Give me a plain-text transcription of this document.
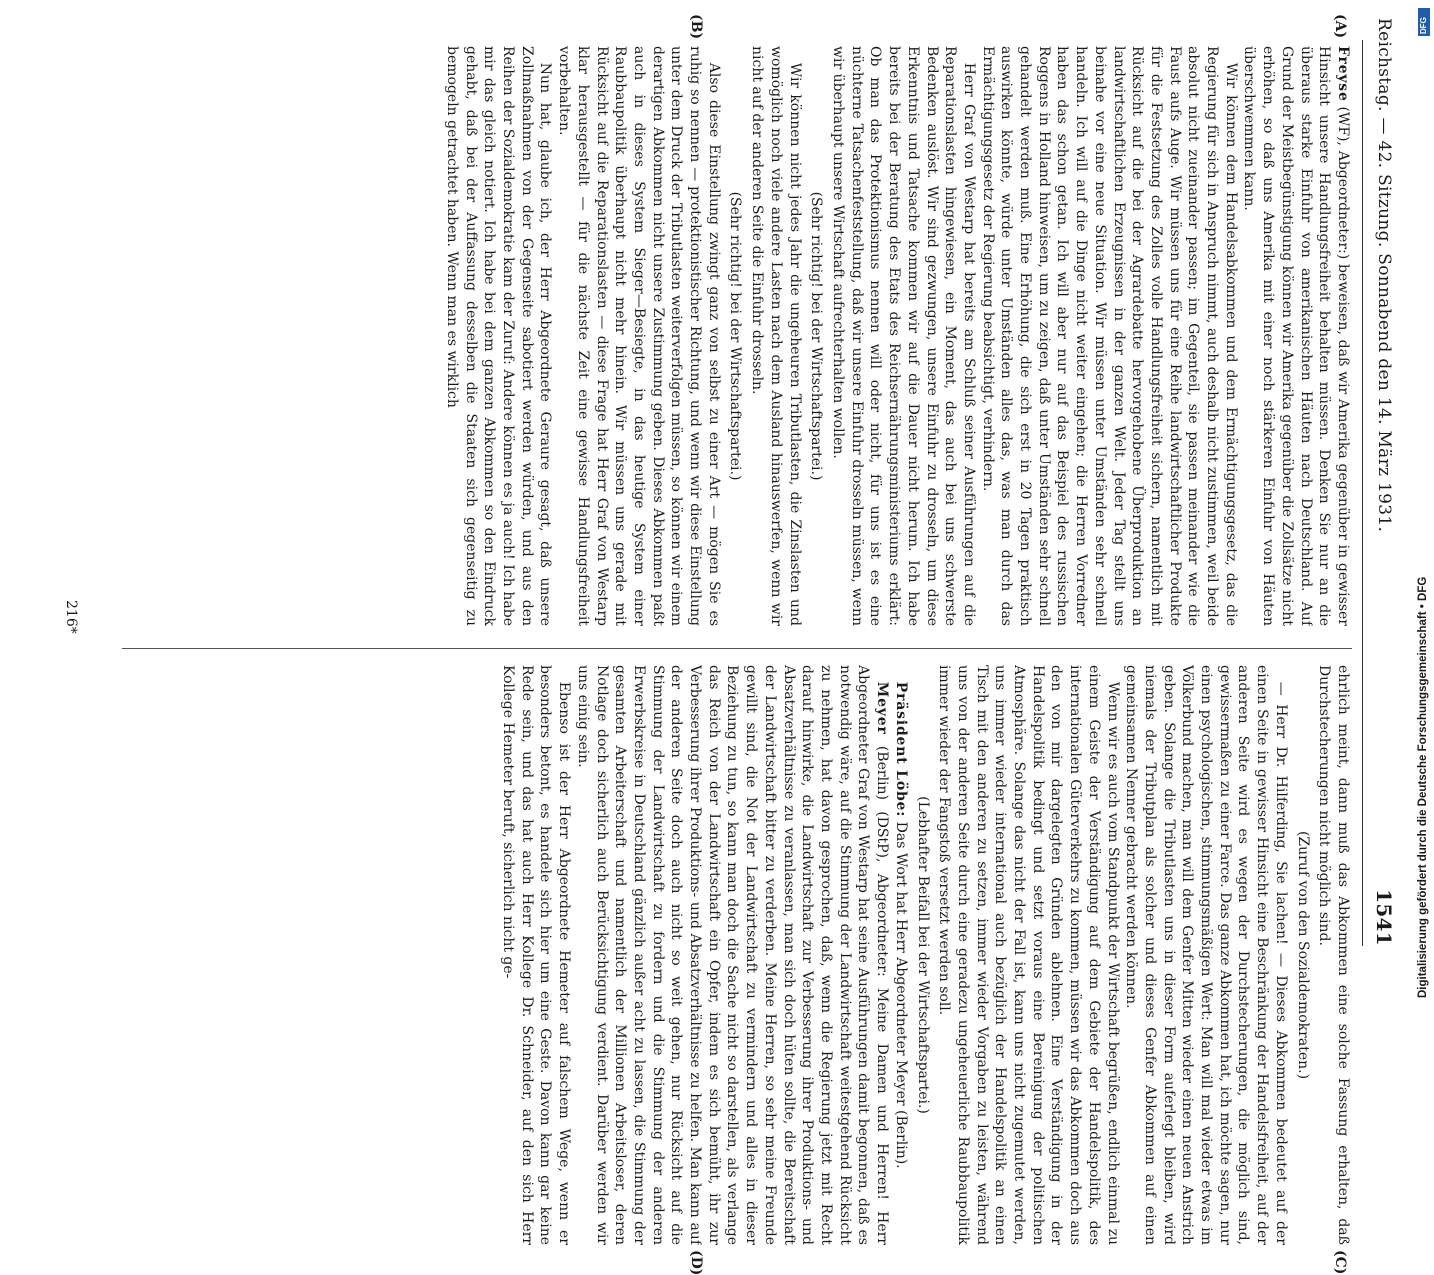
Reichstag. — 42. Sitzung. Sonnabend den 14. März 1931.
1541
(A)
(B)
(C)
(D)

Freyse (WF), Abgeordneter:) beweisen, daß wir Amerika gegenüber in gewisser Hinsicht unsere Handlungsfreiheit behalten müssen. Denken Sie nur an die überaus starke Einfuhr von amerikanischen Häuten nach Deutschland. Auf Grund der Meistbegünstigung können wir Amerika gegenüber die Zollsätze nicht erhöhen, so daß uns Amerika mit einer noch stärkeren Einfuhr von Häuten überschwemmen kann.

Wir können dem Handelsabkommen und dem Ermächtigungsgesetz, das die Regierung für sich in Anspruch nimmt, auch deshalb nicht zustimmen, weil beide absolut nicht zueinander passen; im Gegenteil, sie passen meinander wie die Faust aufs Auge. Wir müssen uns für eine Reihe landwirtschaftlicher Produkte für die Festsetzung des Zolles volle Handlungsfreiheit sichern, namentlich mit Rücksicht auf die bei der Agrardebatte hervorgehobene Überproduktion an landwirtschaftlichen Erzeugnissen in der ganzen Welt. Jeder Tag stellt uns beinahe vor eine neue Situation. Wir müssen unter Umständen sehr schnell handeln. Ich will auf die Dinge nicht weiter eingehen; die Herren Vorredner haben das schon getan. Ich will aber nur auf das Beispiel des russischen Roggens in Holland hinweisen, um zu zeigen, daß unter Umständen sehr schnell gehandelt werden muß. Eine Erhöhung, die sich erst in 20 Tagen praktisch auswirken könnte, würde unter Umständen alles das, was man durch das Ermächtigungsgesetz der Regierung beabsichtigt, verhindern.

Herr Graf von Westarp hat bereits am Schluß seiner Ausführungen auf die Reparationslasten hingewiesen, ein Moment, das auch bei uns schwerste Bedenken auslöst. Wir sind gezwungen, unsere Einfuhr zu drosseln, um diese Erkenntnis und Tatsache kommen wir auf die Dauer nicht herum. Ich habe bereits bei der Beratung des Etats des Reichsernährungsministeriums erklärt: Ob man das Protektionismus nennen will oder nicht, für uns ist es eine nüchterne Tatsachenfeststellung, daß wir unsere Einfuhr drosseln müssen, wenn wir überhaupt unsere Wirtschaft aufrechterhalten wollen.

(Sehr richtig! bei der Wirtschaftspartei.)

Wir können nicht jedes Jahr die ungeheuren Tributlasten, die Zinslasten und womöglich noch viele andere Lasten nach dem Ausland hinauswerfen, wenn wir nicht auf der anderen Seite die Einfuhr drosseln.

(Sehr richtig! bei der Wirtschaftspartei.)

Also diese Einstellung zwingt ganz von selbst zu einer Art — mögen Sie es ruhig so nennen — protektionistischer Richtung, und wenn wir diese Einstellung unter dem Druck der Tributlasten weiterverfolgen müssen, so können wir einem derartigen Abkommen nicht unsere Zustimmung geben. Dieses Abkommen paßt auch in dieses System Sieger—Besiegte, in das heutige System einer Raubbaupolitik überhaupt nicht mehr hinein. Wir müssen uns gerade mit Rücksicht auf die Reparationslasten — diese Frage hat Herr Graf von Westarp klar herausgestellt — für die nächste Zeit eine gewisse Handlungsfreiheit vorbehalten.

Nun hat, glaube ich, der Herr Abgeordnete Geraure gesagt, daß unsere Zollmaßnahmen von der Gegenseite sabotiert werden würden, und aus den Reihen der Sozialdemokratie kam der Zuruf: Andere können es ja auch! Ich habe mir das gleich notiert. Ich habe bei dem ganzen Abkommen so den Eindruck gehabt, daß bei der Auffassung desselben die Staaten sich gegenseitig zu bemogeln getrachtet haben. Wenn man es wirklich

ehrlich meint, dann muß das Abkommen eine solche Fassung erhalten, daß Durchstecherungen nicht möglich sind.

(Zuruf von den Sozialdemokraten.)

— Herr Dr. Hilferding, Sie lachen! — Dieses Abkommen bedeutet auf der einen Seite in gewisser Hinsicht eine Beschränkung der Handelsfreiheit, auf der anderen Seite wird es wegen der Durchstecherungen, die möglich sind, gewissermaßen zu einer Farce. Das ganze Abkommen hat, ich möchte sagen, nur einen psychologischen, stimmungsmäßigen Wert: Man will mal wieder etwas im Völkerbund machen, man will dem Genfer Mitten wieder einen neuen Anstrich geben. Solange die Tributlasten uns in dieser Form auferlegt bleiben, wird niemals der Tributplan als solcher und dieses Genfer Abkommen auf einen gemeinsamen Nenner gebracht werden können.

Wenn wir es auch vom Standpunkt der Wirtschaft begrüßen, endlich einmal zu einem Geiste der Verständigung auf dem Gebiete der Handelspolitik, des internationalen Güterverkehrs zu kommen, müssen wir das Abkommen doch aus den von mir dargelegten Gründen ablehnen. Eine Verständigung in der Handelspolitik bedingt und setzt voraus eine Bereinigung der politischen Atmosphäre. Solange das nicht der Fall ist, kann uns nicht zugemutet werden, uns immer wieder international auch bezüglich der Handelspolitik an einen Tisch mit den anderen zu setzen, immer wieder Vorgaben zu leisten, während uns von der anderen Seite durch eine geradezu ungeheuerliche Raubbaupolitik immer wieder der Fangstoß versetzt werden soll.

(Lebhafter Beifall bei der Wirtschaftspartei.)

Präsident Löbe: Das Wort hat Herr Abgeordneter Meyer (Berlin).

Meyer (Berlin) (DStP), Abgeordneter: Meine Damen und Herren! Herr Abgeordneter Graf von Westarp hat seine Ausführungen damit begonnen, daß es notwendig wäre, auf die Stimmung der Landwirtschaft weitestgehend Rücksicht zu nehmen, hat davon gesprochen, daß, wenn die Regierung jetzt mit Recht darauf hinwirke, die Landwirtschaft zur Verbesserung ihrer Produktions- und Absatzverhältnisse zu veranlassen, man sich doch hüten sollte, die Bereitschaft der Landwirtschaft bitter zu verderben. Meine Herren, so sehr meine Freunde gewillt sind, die Not der Landwirtschaft zu vermindern und alles in dieser Beziehung zu tun, so kann man doch die Sache nicht so darstellen, als verlange das Reich von der Landwirtschaft ein Opfer, indem es sich bemüht, ihr zur Verbesserung ihrer Produktions- und Absatzverhältnisse zu helfen. Man kann auf der anderen Seite doch auch nicht so weit gehen, nur Rücksicht auf die Stimmung der Landwirtschaft zu fordern und die Stimmung der anderen Erwerbskreise in Deutschland gänzlich außer acht zu lassen, die Stimmung der gesamten Arbeiterschaft und namentlich der Millionen Arbeitsloser, deren Notlage doch sicherlich auch Berücksichtigung verdient. Darüber werden wir uns einig sein.

Ebenso ist der Herr Abgeordnete Hemeter auf falschem Wege, wenn er besonders betont, es handele sich hier um eine Geste. Davon kann gar keine Rede sein, und das hat auch Herr Kollege Dr. Schneider, auf den sich Herr Kollege Hemeter beruft, sicherlich nicht ge-

216*	Digitalisierung gefördert durch die Deutsche Forschungsgemeinschaft • DFG
DFG
